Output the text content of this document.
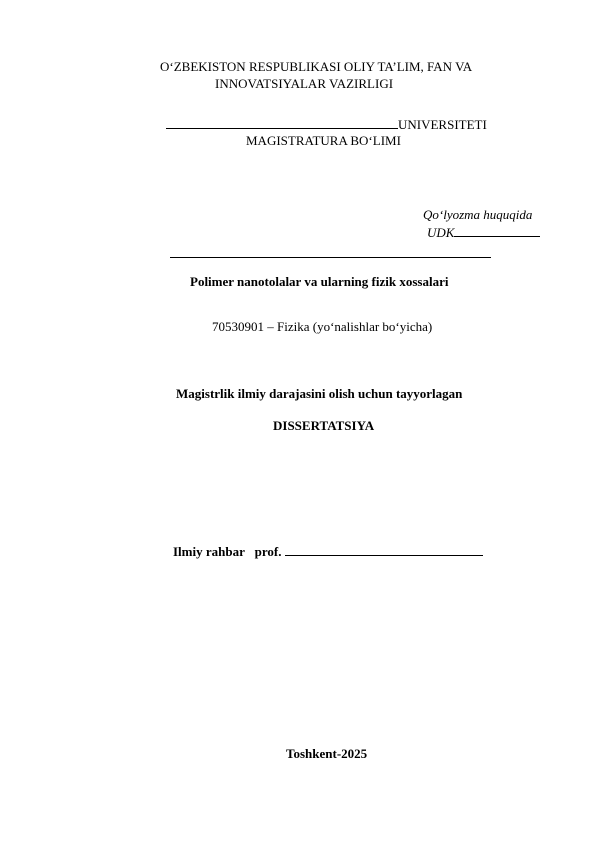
O‘ZBEKISTON RESPUBLIKASI OLIY TA’LIM, FAN VA
INNOVATSIYALAR VAZIRLIGI
UNIVERSITETI
MAGISTRATURA BO‘LIMI
Qo‘lyozma huquqida
UDK
Polimer nanotolalar va ularning fizik xossalari
70530901 – Fizika (yo‘nalishlar bo‘yicha)
Magistrlik ilmiy darajasini olish uchun tayyorlagan
DISSERTATSIYA
Ilmiy rahbar prof.
Toshkent-2025
